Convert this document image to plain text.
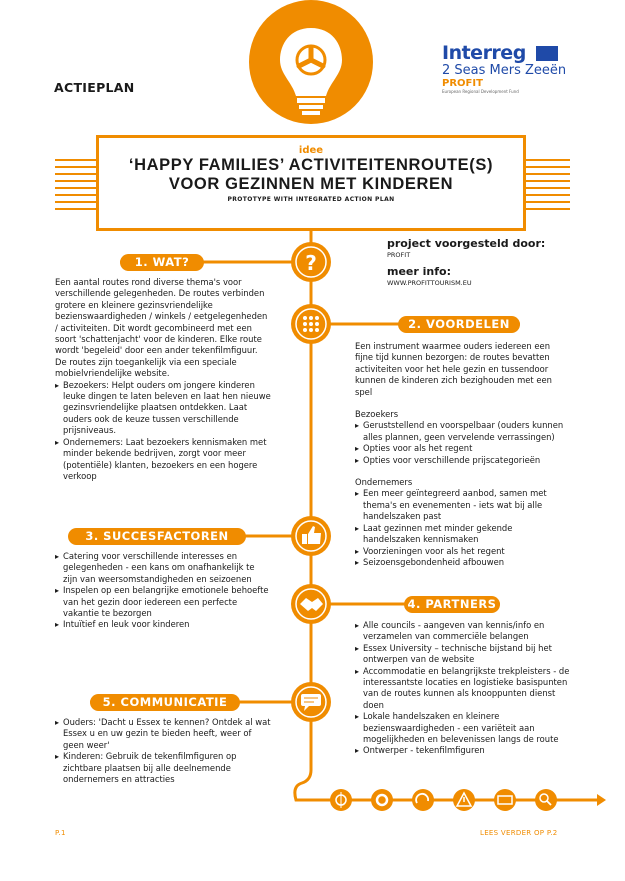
?
ACTIEPLAN
Interreg
2 Seas Mers Zeeën
PROFIT
European Regional Development Fund
idee
‘HAPPY FAMILIES’ ACTIVITEITENROUTE(S)
VOOR GEZINNEN MET KINDEREN
PROTOTYPE WITH INTEGRATED ACTION PLAN
project voorgesteld door:
PROFIT
meer info:
WWW.PROFITTOURISM.EU
1. WAT?

Een aantal routes rond diverse thema's voor verschillende gelegenheden. De routes verbinden grotere en kleinere gezinsvriendelijke bezienswaardigheden / winkels / eetgelegenheden / activiteiten. Dit wordt gecombineerd met een soort 'schattenjacht' voor de kinderen. Elke route wordt 'begeleid' door een ander tekenfilmfiguur. De routes zijn toegankelijk via een speciale mobielvriendelijke website.

▸ Bezoekers: Helpt ouders om jongere kinderen leuke dingen te laten beleven en laat hen nieuwe gezinsvriendelijke plaatsen ontdekken. Laat ouders ook de keuze tussen verschillende prijsniveaus.
▸ Ondernemers: Laat bezoekers kennismaken met minder bekende bedrijven, zorgt voor meer (potentiële) klanten, bezoekers en een hogere verkoop
2. VOORDELEN

Een instrument waarmee ouders iedereen een fijne tijd kunnen bezorgen: de routes bevatten activiteiten voor het hele gezin en tussendoor kunnen de kinderen zich bezighouden met een spel

Bezoekers

▸ Geruststellend en voorspelbaar (ouders kunnen alles plannen, geen vervelende verrassingen)
▸ Opties voor als het regent
▸ Opties voor verschillende prijscategorieën

Ondernemers

▸ Een meer geïntegreerd aanbod, samen met thema's en evenementen - iets wat bij alle handelszaken past
▸ Laat gezinnen met minder gekende handelszaken kennismaken
▸ Voorzieningen voor als het regent
▸ Seizoensgebondenheid afbouwen
3. SUCCESFACTOREN
▸ Catering voor verschillende interesses en gelegenheden - een kans om onafhankelijk te zijn van weersomstandigheden en seizoenen
▸ Inspelen op een belangrijke emotionele behoefte van het gezin door iedereen een perfecte vakantie te bezorgen
▸ Intuïtief en leuk voor kinderen
4. PARTNERS
▸ Alle councils - aangeven van kennis/info en verzamelen van commerciële belangen
▸ Essex University – technische bijstand bij het ontwerpen van de website
▸ Accommodatie en belangrijkste trekpleisters - de interessantste locaties en logistieke basispunten van de routes kunnen als knooppunten dienst doen
▸ Lokale handelszaken en kleinere bezienswaardigheden - een variëteit aan mogelijkheden en belevenissen langs de route
▸ Ontwerper - tekenfilmfiguren
5. COMMUNICATIE
▸ Ouders: 'Dacht u Essex te kennen? Ontdek al wat Essex u en uw gezin te bieden heeft, weer of geen weer'
▸ Kinderen: Gebruik de tekenfilmfiguren op zichtbare plaatsen bij alle deelnemende ondernemers en attracties
P.1	LEES VERDER OP P.2
